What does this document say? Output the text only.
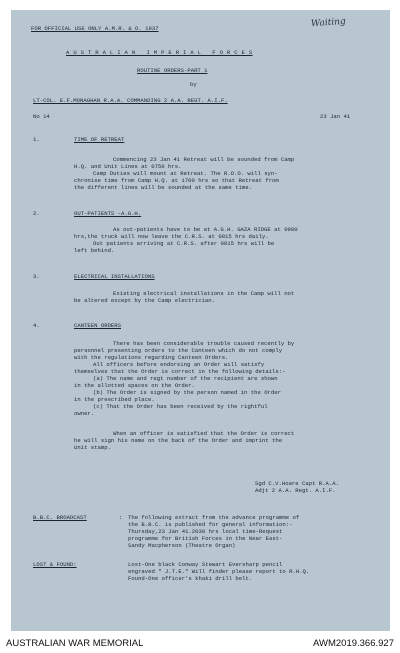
FOR OFFICIAL USE ONLY A.M.R. & O. 1937	Waiting
A U S T R A L I A N   I M P E R I A L   F O R C E S
ROUTINE ORDERS-PART 1
by
LT-COL. E.F.MONAGHAN R.A.A. COMMANDING 2 A.A. REGT. A.I.F.
No 14	23 Jan 41
1.	TIME OF RETREAT
Commencing 23 Jan 41 Retreat will be sounded from Camp
H.Q. and Unit Lines at 0750 hrs.
Camp Duties will mount at Retreat. The R.O.O. will syn-
chronise time from Camp H.Q. at 1700 hrs so that Retreat from
the different lines will be sounded at the same time.
2.	OUT-PATIENTS -A.G.H.
As out-patients have to be at A.G.H. GAZA RIDGE at 0900
hrs,the truck will now leave the C.R.S. at 0815 hrs daily.
Out patients arriving at C.R.S. after 0815 hrs will be
left behind.
3.	ELECTRICAL INSTALLATIONS
Existing electrical installations in the Camp will not
be altered except by the Camp electrician.
4.	CANTEEN ORDERS
There has been considerable trouble caused recently by
personnel presenting orders to the Canteen which do not comply
with the regulations regarding Canteen Orders.
All officers before endorsing an Order will satisfy
themselves that the Order is correct in the following details:-
(a) The name and regt number of the recipient are shown
in the allotted spaces on the Order.
(b) The Order is signed by the person named in the Order
in the prescribed place.
(c) That the Order has been received by the rightful
owner.
When an officer is satisfied that the Order is correct
he will sign his name on the back of the Order and imprint the
Unit stamp.
Sgd C.V.Hoare Capt R.A.A.
Adjt 2 A.A. Regt. A.I.F.
B.B.C. BROADCAST	: The following extract from the advance programme of
the B.B.C. is published for general information:-
Thursday,23 Jan 41.2030 hrs local time-Request
programme for British Forces in the Near East-
Sandy Macpherson (Theatre Organ)
LOST & FOUND:	Lost-One black Conway Stewart Eversharp pencil
engraved " J.T.E." Will finder please report to R.H.Q.
Found-One officer's khaki drill belt.
AUSTRALIAN WAR MEMORIAL	AWM2019.366.927
